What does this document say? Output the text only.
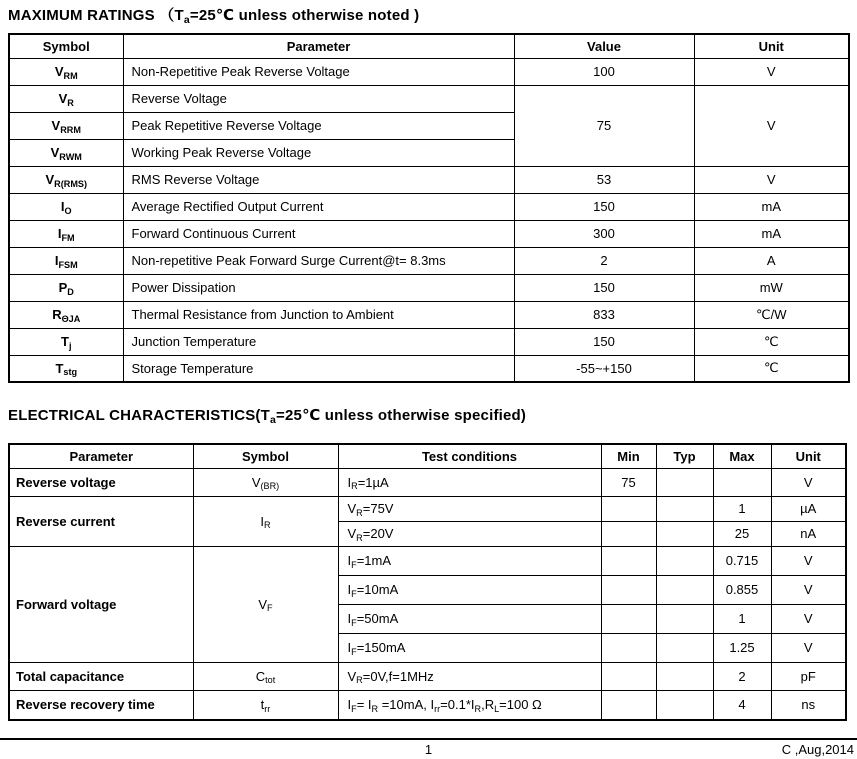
MAXIMUM RATINGS （$T_a=25℃$ unless otherwise noted )
Symbol	Parameter	Value	Unit
$V_{RM}$	Non-Repetitive Peak Reverse Voltage	100	V
$V_R$	Reverse Voltage	75	V
$V_{RRM}$	Peak Repetitive Reverse Voltage		
$V_{RWM}$	Working Peak Reverse Voltage		
$V_{R(RMS)}$	RMS Reverse Voltage	53	V
$I_O$	Average Rectified Output Current	150	mA
$I_{FM}$	Forward Continuous Current	300	mA
$I_{FSM}$	Non-repetitive Peak Forward Surge Current@t= 8.3ms	2	A
$P_D$	Power Dissipation	150	mW
$R_{\Theta JA}$	Thermal Resistance from Junction to Ambient	833	℃/W
$T_j$	Junction Temperature	150	℃
$T_{stg}$	Storage Temperature	-55~+150	℃
ELECTRICAL $CHARACTERISTICS(T_a=25℃$ unless otherwise specified)
Parameter	Symbol	Test conditions	Min	Typ	Max	Unit
Reverse voltage	$V_{(BR)}$	$I_R=1\mu A$	75			V
Reverse current	$I_R$	$V_R=75V$			1	µA
		$V_R=20V$			25	nA
Forward voltage	$V_F$	$I_F=1mA$			0.715	V
		$I_F=10mA$			0.855	V
		$I_F=50mA$			1	V
		$I_F=150mA$			1.25	V
Total capacitance	$C_{tot}$	$V_R=0V,f=1MHz$			2	pF
Reverse recovery time	$t_{rr}$	$I_F= I_R =10mA$, $I_{rr}=0.1*I_R,R_L=100$ Ω			4	ns
1	C ,Aug,2014
